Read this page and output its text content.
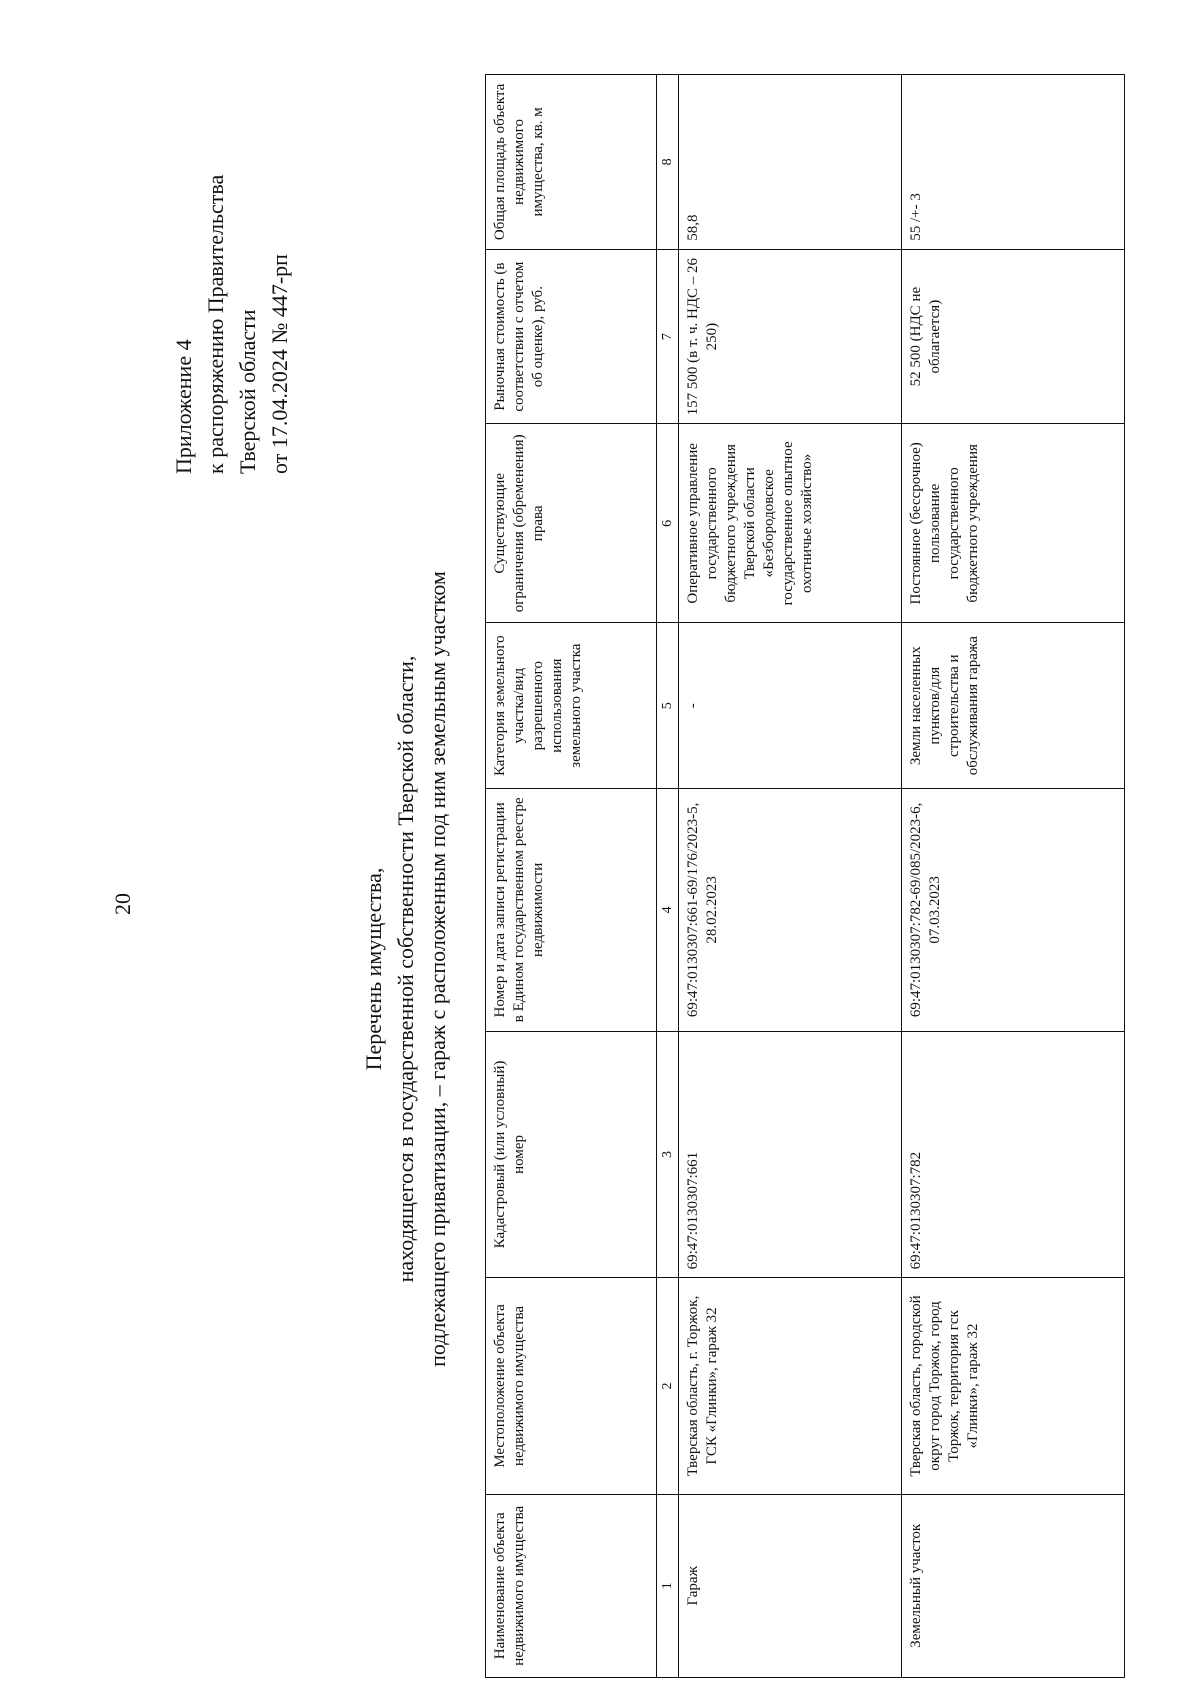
20
Приложение 4 к распоряжению Правительства Тверской области от 17.04.2024 № 447-рп
Перечень имущества, находящегося в государственной собственности Тверской области, подлежащего приватизации, – гараж с расположенным под ним земельным участком
Наименование объекта недвижимого имущества	Местоположение объекта недвижимого имущества	Кадастровый (или условный) номер	Номер и дата записи регистрации в Едином государственном реестре недвижимости	Категория земельного участка/вид разрешенного использования земельного участка	Существующие ограничения (обременения) права	Рыночная стоимость (в соответствии с отчетом об оценке), руб.	Общая площадь объекта недвижимого имущества, кв. м
1	2	3	4	5	6	7	8
Гараж	Тверская область, г. Торжок, ГСК «Глинки», гараж 32	69:47:0130307:661	69:47:0130307:661-69/176/2023-5, 28.02.2023	-	Оперативное управление государственного бюджетного учреждения Тверской области «Безбородовское государственное опытное охотничье хозяйство»	157 500 (в т. ч. НДС – 26 250)	58,8
Земельный участок	Тверская область, городской округ город Торжок, город Торжок, территория гск «Глинки», гараж 32	69:47:0130307:782	69:47:0130307:782-69/085/2023-6, 07.03.2023	Земли населенных пунктов/для строительства и обслуживания гаража	Постоянное (бессрочное) пользование государственного бюджетного учреждения	52 500 (НДС не облагается)	55 /+- 3
